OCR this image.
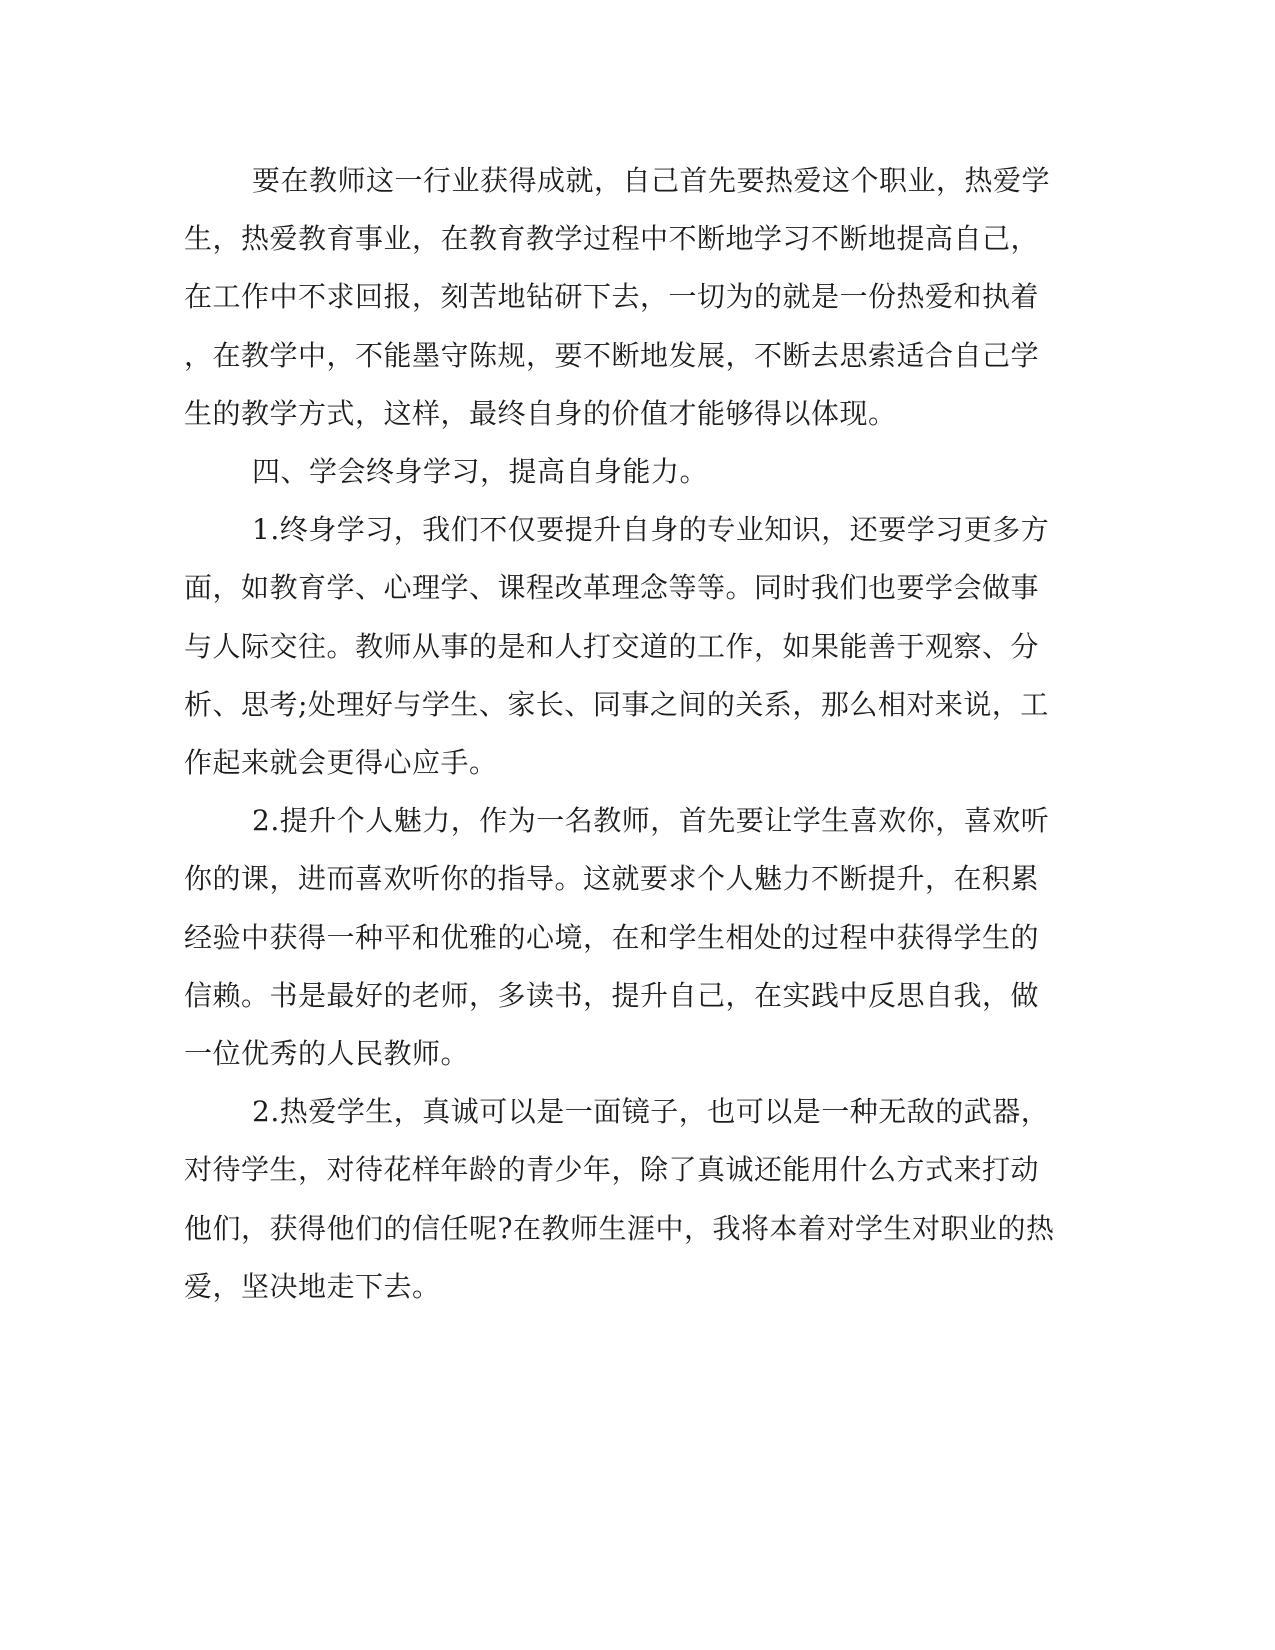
要在教师这一行业获得成就，自己首先要热爱这个职业，热爱学
生，热爱教育事业，在教育教学过程中不断地学习不断地提高自己，
在工作中不求回报，刻苦地钻研下去，一切为的就是一份热爱和执着
，在教学中，不能墨守陈规，要不断地发展，不断去思索适合自己学
生的教学方式，这样，最终自身的价值才能够得以体现。

四、学会终身学习，提高自身能力。

1.终身学习，我们不仅要提升自身的专业知识，还要学习更多方
面，如教育学、心理学、课程改革理念等等。同时我们也要学会做事
与人际交往。教师从事的是和人打交道的工作，如果能善于观察、分
析、思考;处理好与学生、家长、同事之间的关系，那么相对来说，工
作起来就会更得心应手。

2.提升个人魅力，作为一名教师，首先要让学生喜欢你，喜欢听
你的课，进而喜欢听你的指导。这就要求个人魅力不断提升，在积累
经验中获得一种平和优雅的心境，在和学生相处的过程中获得学生的
信赖。书是最好的老师，多读书，提升自己，在实践中反思自我，做
一位优秀的人民教师。

2.热爱学生，真诚可以是一面镜子，也可以是一种无敌的武器，
对待学生，对待花样年龄的青少年，除了真诚还能用什么方式来打动
他们，获得他们的信任呢?在教师生涯中，我将本着对学生对职业的热
爱，坚决地走下去。
